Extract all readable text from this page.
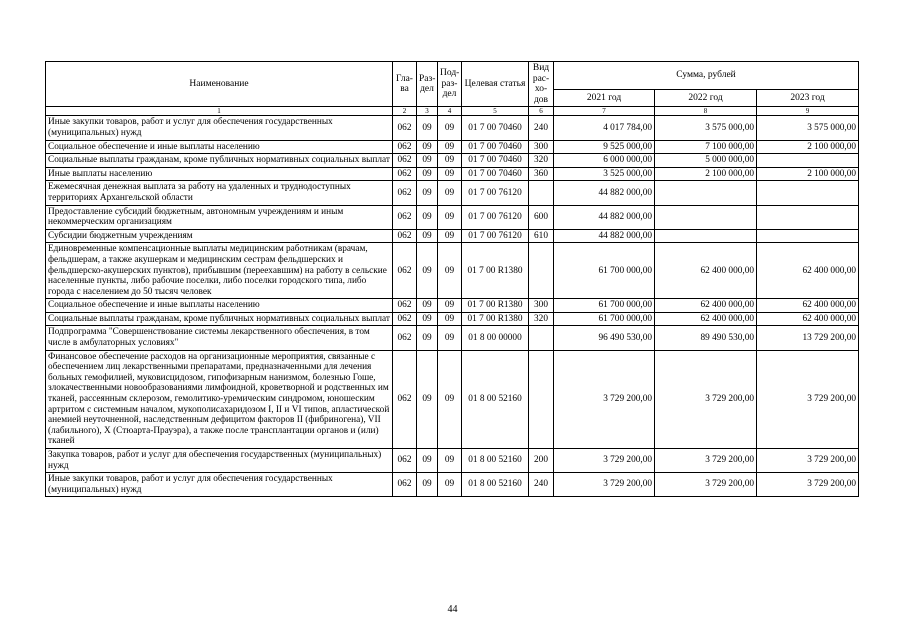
Наименование	Гла-ва	Раз-дел	Под-раз-дел	Целевая статья	Вид рас-хо-дов	Сумма, рублей		
						2021 год	2022 год	2023 год
1	2	3	4	5	6	7	8	9
Иные закупки товаров, работ и услуг для обеспечения государственных (муниципальных) нужд	062	09	09	01 7 00 70460	240	4 017 784,00	3 575 000,00	3 575 000,00
Социальное обеспечение и иные выплаты населению	062	09	09	01 7 00 70460	300	9 525 000,00	7 100 000,00	2 100 000,00
Социальные выплаты гражданам, кроме публичных нормативных социальных выплат	062	09	09	01 7 00 70460	320	6 000 000,00	5 000 000,00	
Иные выплаты населению	062	09	09	01 7 00 70460	360	3 525 000,00	2 100 000,00	2 100 000,00
Ежемесячная денежная выплата за работу на удаленных и труднодоступных территориях Архангельской области	062	09	09	01 7 00 76120		44 882 000,00		
Предоставление субсидий бюджетным, автономным учреждениям и иным некоммерческим организациям	062	09	09	01 7 00 76120	600	44 882 000,00		
Субсидии бюджетным учреждениям	062	09	09	01 7 00 76120	610	44 882 000,00		
Единовременные компенсационные выплаты медицинским работникам (врачам, фельдшерам, а также акушеркам и медицинским сестрам фельдшерских и фельдшерско-акушерских пунктов), прибывшим (переехавшим) на работу в сельские населенные пункты, либо рабочие поселки, либо поселки городского типа, либо города с населением до 50 тысяч человек	062	09	09	01 7 00 R1380		61 700 000,00	62 400 000,00	62 400 000,00
Социальное обеспечение и иные выплаты населению	062	09	09	01 7 00 R1380	300	61 700 000,00	62 400 000,00	62 400 000,00
Социальные выплаты гражданам, кроме публичных нормативных социальных выплат	062	09	09	01 7 00 R1380	320	61 700 000,00	62 400 000,00	62 400 000,00
Подпрограмма "Совершенствование системы лекарственного обеспечения, в том числе в амбулаторных условиях"	062	09	09	01 8 00 00000		96 490 530,00	89 490 530,00	13 729 200,00
Финансовое обеспечение расходов на организационные мероприятия, связанные с обеспечением лиц лекарственными препаратами, предназначенными для лечения больных гемофилией, муковисцидозом, гипофизарным нанизмом, болезнью Гоше, злокачественными новообразованиями лимфоидной, кроветворной и родственных им тканей, рассеянным склерозом, гемолитико-уремическим синдромом, юношеским артритом с системным началом, мукополисахаридозом I, II и VI типов, апластической анемией неуточненной, наследственным дефицитом факторов II (фибриногена), VII (лабильного), X (Стюарта-Прауэра), а также после трансплантации органов и (или) тканей	062	09	09	01 8 00 52160		3 729 200,00	3 729 200,00	3 729 200,00
Закупка товаров, работ и услуг для обеспечения государственных (муниципальных) нужд	062	09	09	01 8 00 52160	200	3 729 200,00	3 729 200,00	3 729 200,00
Иные закупки товаров, работ и услуг для обеспечения государственных (муниципальных) нужд	062	09	09	01 8 00 52160	240	3 729 200,00	3 729 200,00	3 729 200,00
44
